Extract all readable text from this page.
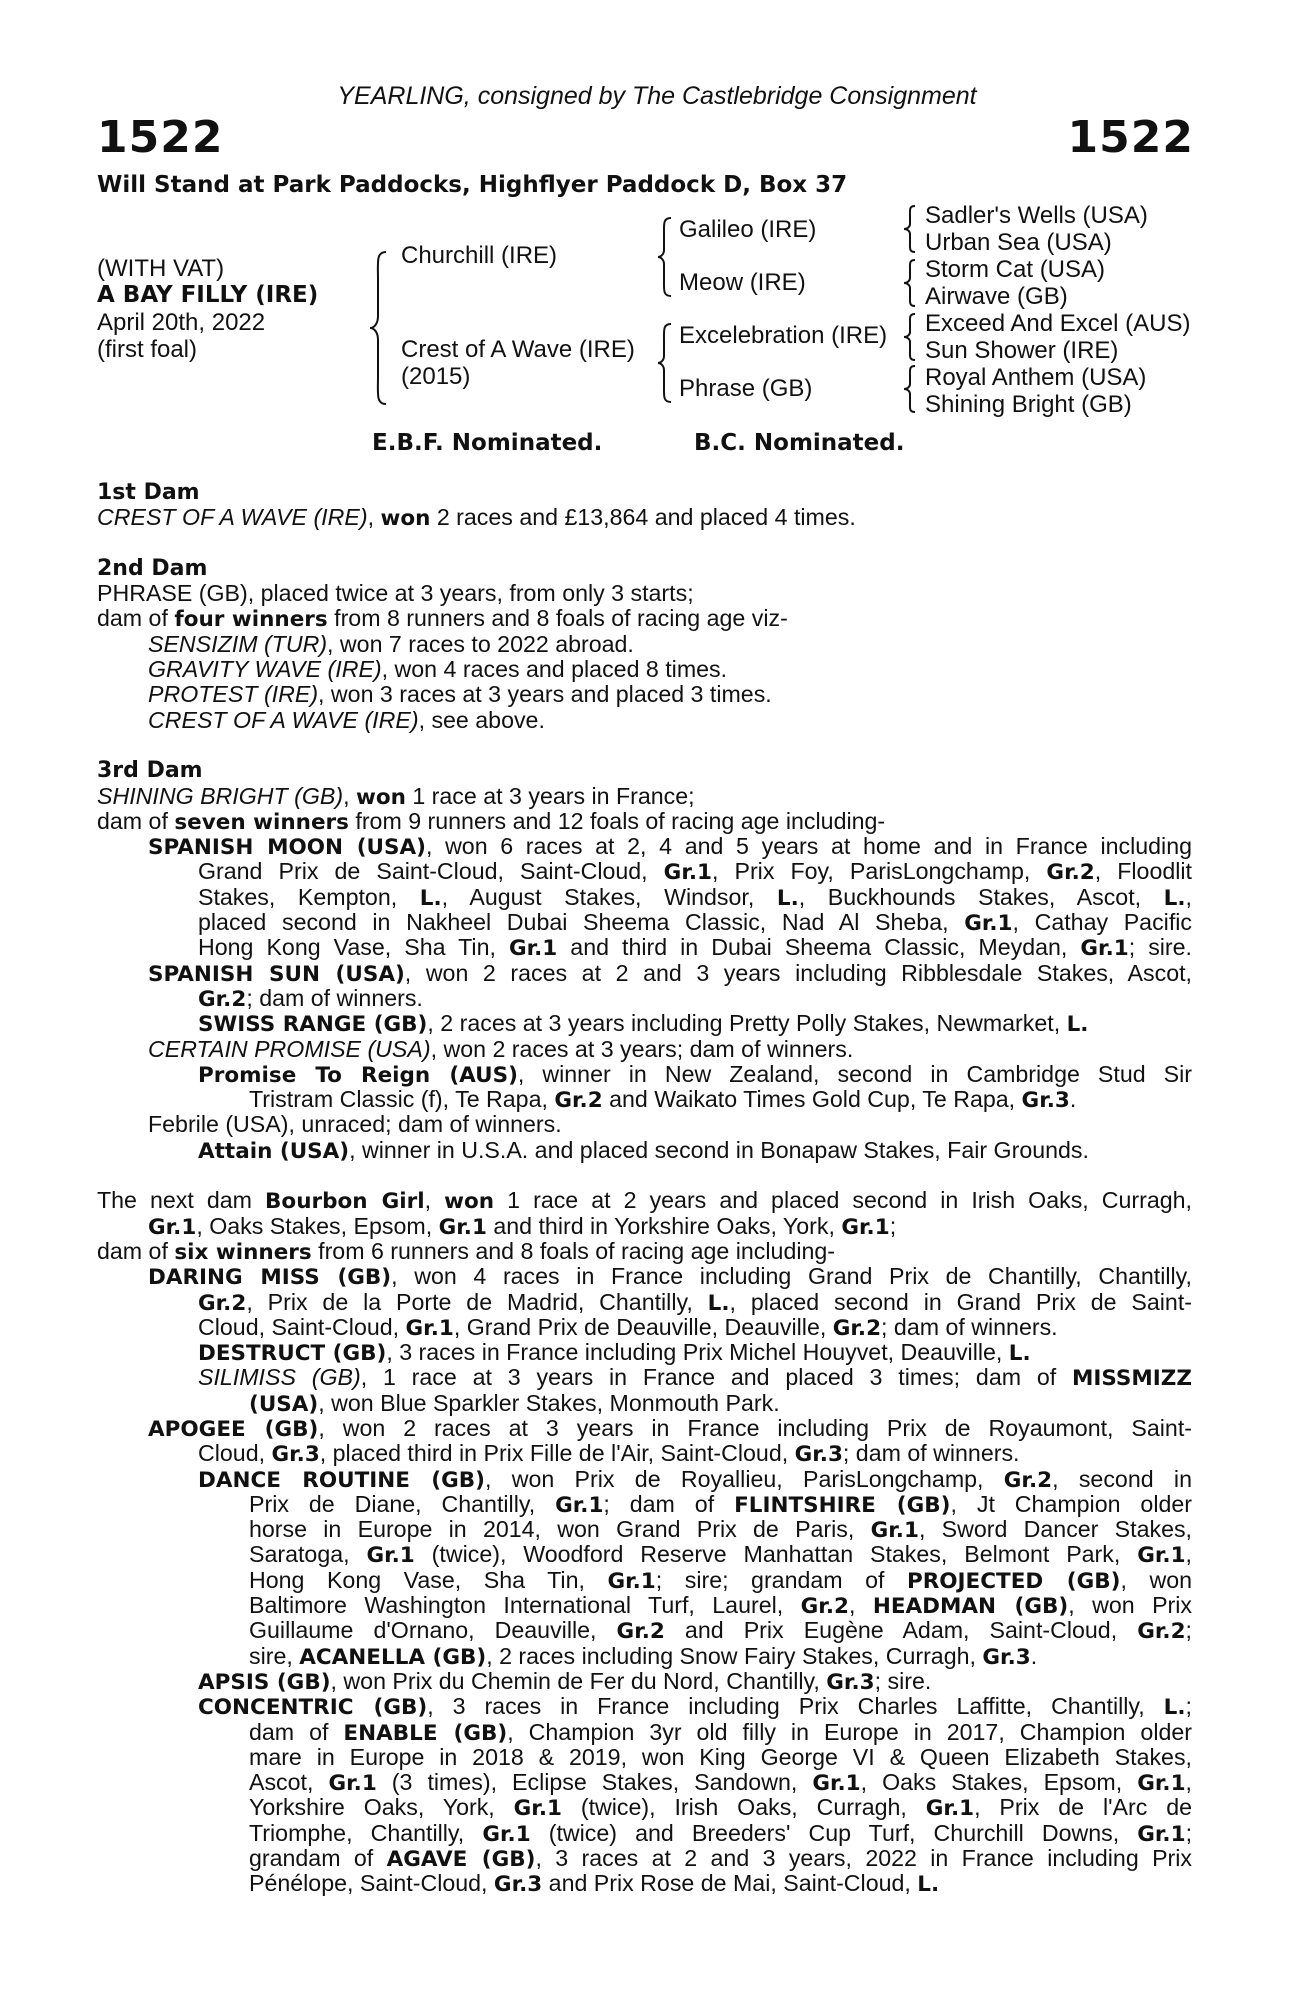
YEARLING, consigned by The Castlebridge Consignment
1522	1522
Will Stand at Park Paddocks, Highflyer Paddock D, Box 37
(WITH VAT)
A BAY FILLY (IRE)
April 20th, 2022
(first foal)
Churchill (IRE)
Crest of A Wave (IRE)
(2015)
Galileo (IRE)
Meow (IRE)
Excelebration (IRE)
Phrase (GB)
Sadler's Wells (USA)
Urban Sea (USA)
Storm Cat (USA)
Airwave (GB)
Exceed And Excel (AUS)
Sun Shower (IRE)
Royal Anthem (USA)
Shining Bright (GB)
E.B.F. Nominated.	B.C. Nominated.
1st Dam
CREST OF A WAVE (IRE), won 2 races and £13,864 and placed 4 times.
2nd Dam
PHRASE (GB), placed twice at 3 years, from only 3 starts;
dam of four winners from 8 runners and 8 foals of racing age viz-
SENSIZIM (TUR), won 7 races to 2022 abroad.
GRAVITY WAVE (IRE), won 4 races and placed 8 times.
PROTEST (IRE), won 3 races at 3 years and placed 3 times.
CREST OF A WAVE (IRE), see above.
3rd Dam
SHINING BRIGHT (GB), won 1 race at 3 years in France;
dam of seven winners from 9 runners and 12 foals of racing age including-
SPANISH MOON (USA), won 6 races at 2, 4 and 5 years at home and in France including
Grand Prix de Saint-Cloud, Saint-Cloud, Gr.1, Prix Foy, ParisLongchamp, Gr.2, Floodlit
Stakes, Kempton, L., August Stakes, Windsor, L., Buckhounds Stakes, Ascot, L.,
placed second in Nakheel Dubai Sheema Classic, Nad Al Sheba, Gr.1, Cathay Pacific
Hong Kong Vase, Sha Tin, Gr.1 and third in Dubai Sheema Classic, Meydan, Gr.1; sire.
SPANISH SUN (USA), won 2 races at 2 and 3 years including Ribblesdale Stakes, Ascot,
Gr.2; dam of winners.
SWISS RANGE (GB), 2 races at 3 years including Pretty Polly Stakes, Newmarket, L.
CERTAIN PROMISE (USA), won 2 races at 3 years; dam of winners.
Promise To Reign (AUS), winner in New Zealand, second in Cambridge Stud Sir
Tristram Classic (f), Te Rapa, Gr.2 and Waikato Times Gold Cup, Te Rapa, Gr.3.
Febrile (USA), unraced; dam of winners.
Attain (USA), winner in U.S.A. and placed second in Bonapaw Stakes, Fair Grounds.
The next dam Bourbon Girl, won 1 race at 2 years and placed second in Irish Oaks, Curragh,
Gr.1, Oaks Stakes, Epsom, Gr.1 and third in Yorkshire Oaks, York, Gr.1;
dam of six winners from 6 runners and 8 foals of racing age including-
DARING MISS (GB), won 4 races in France including Grand Prix de Chantilly, Chantilly,
Gr.2, Prix de la Porte de Madrid, Chantilly, L., placed second in Grand Prix de Saint-
Cloud, Saint-Cloud, Gr.1, Grand Prix de Deauville, Deauville, Gr.2; dam of winners.
DESTRUCT (GB), 3 races in France including Prix Michel Houyvet, Deauville, L.
SILIMISS (GB), 1 race at 3 years in France and placed 3 times; dam of MISSMIZZ
(USA), won Blue Sparkler Stakes, Monmouth Park.
APOGEE (GB), won 2 races at 3 years in France including Prix de Royaumont, Saint-
Cloud, Gr.3, placed third in Prix Fille de l'Air, Saint-Cloud, Gr.3; dam of winners.
DANCE ROUTINE (GB), won Prix de Royallieu, ParisLongchamp, Gr.2, second in
Prix de Diane, Chantilly, Gr.1; dam of FLINTSHIRE (GB), Jt Champion older
horse in Europe in 2014, won Grand Prix de Paris, Gr.1, Sword Dancer Stakes,
Saratoga, Gr.1 (twice), Woodford Reserve Manhattan Stakes, Belmont Park, Gr.1,
Hong Kong Vase, Sha Tin, Gr.1; sire; grandam of PROJECTED (GB), won
Baltimore Washington International Turf, Laurel, Gr.2, HEADMAN (GB), won Prix
Guillaume d'Ornano, Deauville, Gr.2 and Prix Eugène Adam, Saint-Cloud, Gr.2;
sire, ACANELLA (GB), 2 races including Snow Fairy Stakes, Curragh, Gr.3.
APSIS (GB), won Prix du Chemin de Fer du Nord, Chantilly, Gr.3; sire.
CONCENTRIC (GB), 3 races in France including Prix Charles Laffitte, Chantilly, L.;
dam of ENABLE (GB), Champion 3yr old filly in Europe in 2017, Champion older
mare in Europe in 2018 & 2019, won King George VI & Queen Elizabeth Stakes,
Ascot, Gr.1 (3 times), Eclipse Stakes, Sandown, Gr.1, Oaks Stakes, Epsom, Gr.1,
Yorkshire Oaks, York, Gr.1 (twice), Irish Oaks, Curragh, Gr.1, Prix de l'Arc de
Triomphe, Chantilly, Gr.1 (twice) and Breeders' Cup Turf, Churchill Downs, Gr.1;
grandam of AGAVE (GB), 3 races at 2 and 3 years, 2022 in France including Prix
Pénélope, Saint-Cloud, Gr.3 and Prix Rose de Mai, Saint-Cloud, L.
